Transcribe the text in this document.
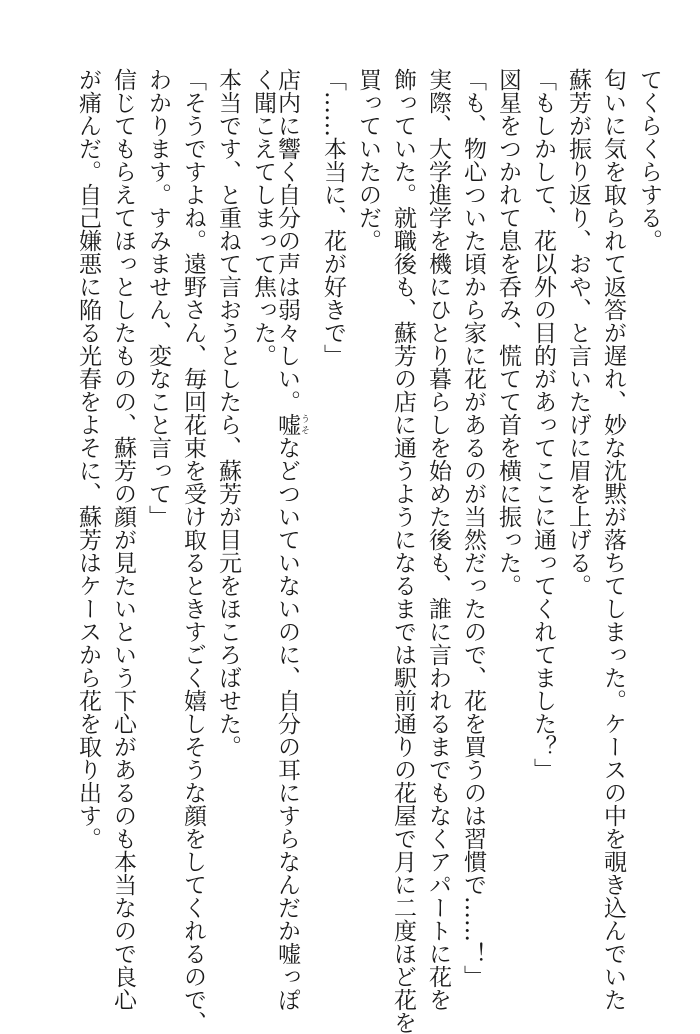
てくらくらする。
匂いに気を取られて返答が遅れ、妙な沈黙が落ちてしまった。ケースの中を覗き込んでいた
蘇芳が振り返り、おや、と言いたげに眉を上げる。
「もしかして、花以外の目的があってここに通ってくれてました？」
図星をつかれて息を呑み、慌てて首を横に振った。
「も、物心ついた頃から家に花があるのが当然だったので、花を買うのは習慣で……！」
実際、大学進学を機にひとり暮らしを始めた後も、誰に言われるまでもなくアパートに花を
飾っていた。就職後も、蘇芳の店に通うようになるまでは駅前通りの花屋で月に二度ほど花を
買っていたのだ。
「……本当に、花が好きで」
店内に響く自分の声は弱々しい。嘘 うそなどついていないのに、自分の耳にすらなんだか嘘っぽ
く聞こえてしまって焦った。
本当です、と重ねて言おうとしたら、蘇芳が目元をほころばせた。
「そうですよね。遠野さん、毎回花束を受け取るときすごく嬉しそうな顔をしてくれるので、
わかります。すみません、変なこと言って」
信じてもらえてほっとしたものの、蘇芳の顔が見たいという下心があるのも本当なので良心
が痛んだ。自己嫌悪に陥る光春をよそに、蘇芳はケースから花を取り出す。
